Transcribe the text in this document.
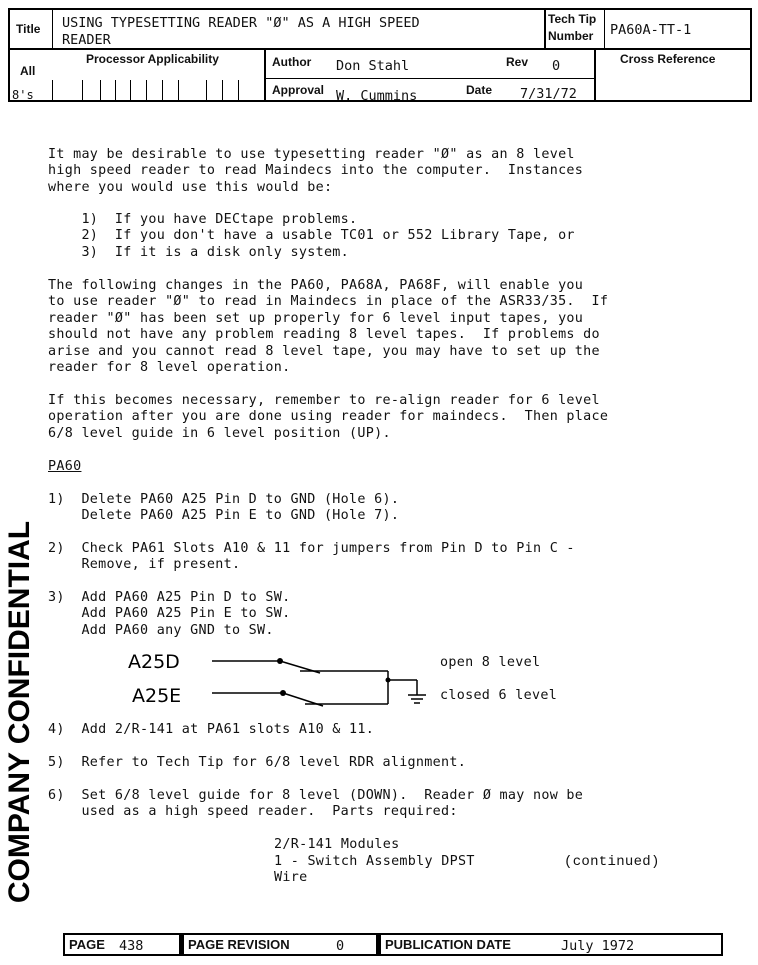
Title USING TYPESETTING READER "Ø" AS A HIGH SPEED
READER
Tech Tip
Number PA60A-TT-1
Processor Applicability
All
8's
Author Don Stahl	Rev 0	Cross Reference
Approval W. Cummins	Date 7/31/72
It may be desirable to use typesetting reader "Ø" as an 8 level
high speed reader to read Maindecs into the computer.  Instances
where you would use this would be:
1)  If you have DECtape problems.
2)  If you don't have a usable TC01 or 552 Library Tape, or
3)  If it is a disk only system.
The following changes in the PA60, PA68A, PA68F, will enable you
to use reader "Ø" to read in Maindecs in place of the ASR33/35.  If
reader "Ø" has been set up properly for 6 level input tapes, you
should not have any problem reading 8 level tapes.  If problems do
arise and you cannot read 8 level tape, you may have to set up the
reader for 8 level operation.
If this becomes necessary, remember to re-align reader for 6 level
operation after you are done using reader for maindecs.  Then place
6/8 level guide in 6 level position (UP).
PA60
1)  Delete PA60 A25 Pin D to GND (Hole 6).
Delete PA60 A25 Pin E to GND (Hole 7).
2)  Check PA61 Slots A10 & 11 for jumpers from Pin D to Pin C -
Remove, if present.
3)  Add PA60 A25 Pin D to SW.
Add PA60 A25 Pin E to SW.
Add PA60 any GND to SW.
A25D
A25E
open 8 level
closed 6 level
4)  Add 2/R-141 at PA61 slots A10 & 11.
5)  Refer to Tech Tip for 6/8 level RDR alignment.
6)  Set 6/8 level guide for 8 level (DOWN).  Reader Ø may now be
used as a high speed reader.  Parts required:
2/R-141 Modules
1 - Switch Assembly DPST
Wire
(continued)
COMPANY CONFIDENTIAL
PAGE 438	PAGE REVISION	0	PUBLICATION DATE	July 1972
